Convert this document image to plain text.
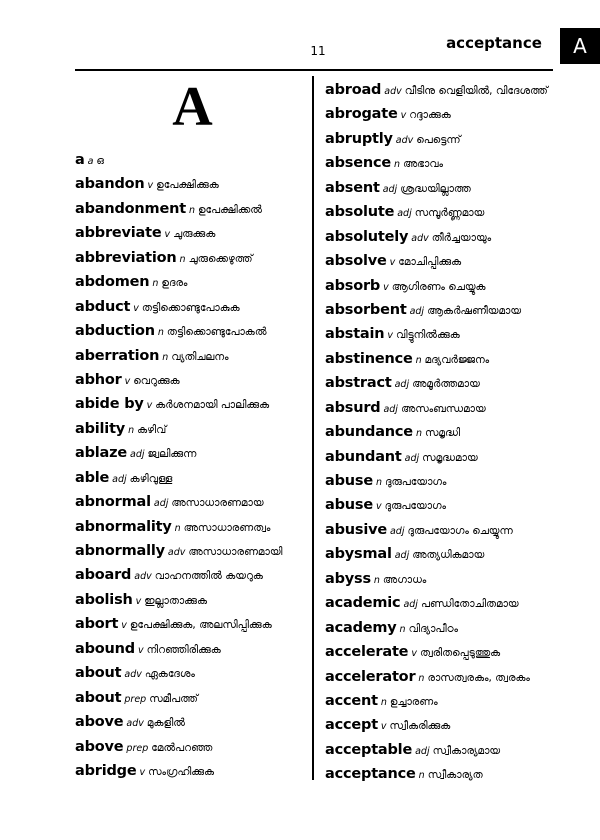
11	acceptance	A
A

aa ഒ

abandon v ഉപേക്ഷിക്കുക

abandonment n ഉപേക്ഷിക്കൽ

abbreviate v ചുരുക്കുക

abbreviation n ചുരുക്കെഴുത്ത്

abdomen n ഉദരം

abduct v തട്ടിക്കൊണ്ടുപോകുക

abduction n തട്ടിക്കൊണ്ടുപോകൽ

aberration n വ്യതിചലനം

abhor v വെറുക്കുക

abide by v കർശനമായി പാലിക്കുക

ability n കഴിവ്

ablaze adj ജ്വലിക്കുന്ന

able adj കഴിവുള്ള

abnormal adj അസാധാരണമായ

abnormality n അസാധാരണത്വം

abnormally adv അസാധാരണമായി

aboard adv വാഹനത്തിൽ കയറുക

abolish v ഇല്ലാതാക്കുക

abort v ഉപേക്ഷിക്കുക, അലസിപ്പിക്കുക

abound v നിറഞ്ഞിരിക്കുക

about adv ഏകദേശം

about prep സമീപത്ത്

above adv മുകളിൽ

above prep മേൽപറഞ്ഞ

abridge v സംഗ്രഹിക്കുക

abroad adv വീടിനു വെളിയിൽ, വിദേശത്ത്

abrogate v റദ്ദാക്കുക

abruptly adv പെട്ടെന്ന്

absence n അഭാവം

absent adj ശ്രദ്ധയില്ലാത്ത

absolute adj സമ്പൂർണ്ണമായ

absolutely adv തീർച്ചയായും

absolve v മോചിപ്പിക്കുക

absorb v ആഗിരണം ചെയ്യുക

absorbent adj ആകർഷണീയമായ

abstain v വിട്ടുനിൽക്കുക

abstinence n മദ്യവർജ്ജനം

abstract adj അമൂർത്തമായ

absurd adj അസംബന്ധമായ

abundance n സമൃദ്ധി

abundant adj സമൃദ്ധമായ

abuse n ദുരുപയോഗം

abuse v ദുരുപയോഗം

abusive adj ദുരുപയോഗം ചെയ്യുന്ന

abysmal adj അത്യധികമായ

abyss n അഗാധം

academic adj പണ്ഡിതോചിതമായ

academy n വിദ്യാപീഠം

accelerate v ത്വരിതപ്പെടുത്തുക

accelerator n രാസത്വരകം, ത്വരകം

accent n ഉച്ചാരണം

accept v സ്വീകരിക്കുക

acceptable adj സ്വീകാര്യമായ

acceptance n സ്വീകാര്യത
